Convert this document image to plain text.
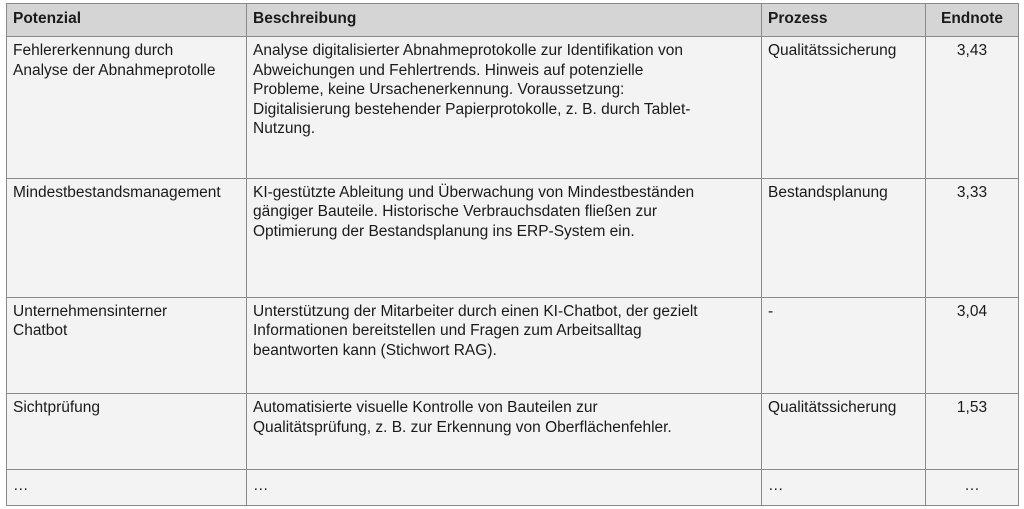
Potenzial	Beschreibung	Prozess	Endnote

Fehlererkennung durch
Analyse der Abnahmeprotolle	Analyse digitalisierter Abnahmeprotokolle zur Identifikation von
Abweichungen und Fehlertrends. Hinweis auf potenzielle
Probleme, keine Ursachenerkennung. Voraussetzung:
Digitalisierung bestehender Papierprotokolle, z. B. durch Tablet-
Nutzung.	Qualitätssicherung	3,43

Mindestbestandsmanagement	KI-gestützte Ableitung und Überwachung von Mindestbeständen
gängiger Bauteile. Historische Verbrauchsdaten fließen zur
Optimierung der Bestandsplanung ins ERP-System ein.	Bestandsplanung	3,33

Unternehmensinterner
Chatbot	Unterstützung der Mitarbeiter durch einen KI-Chatbot, der gezielt
Informationen bereitstellen und Fragen zum Arbeitsalltag
beantworten kann (Stichwort RAG).	-	3,04

Sichtprüfung	Automatisierte visuelle Kontrolle von Bauteilen zur
Qualitätsprüfung, z. B. zur Erkennung von Oberflächenfehler.	Qualitätssicherung	1,53

…	…	…	…
